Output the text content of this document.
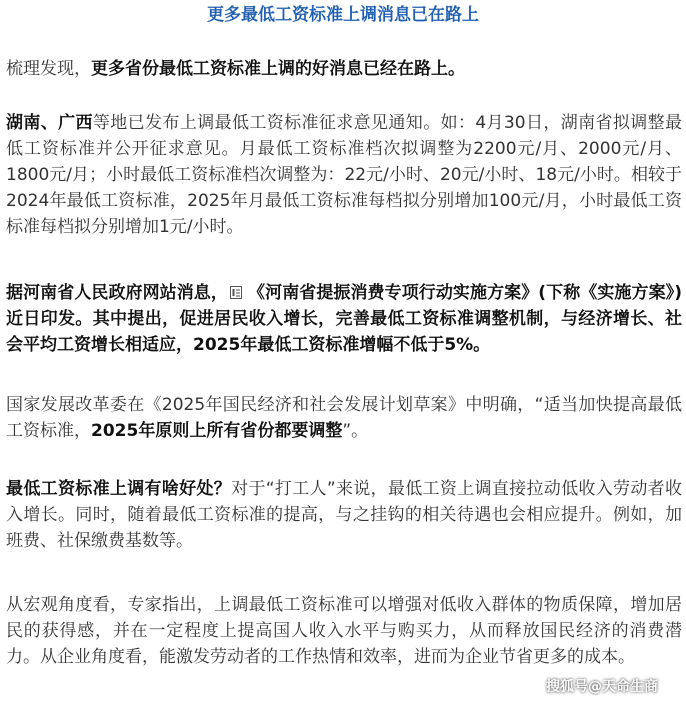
更多最低工资标准上调消息已在路上

梳理发现，更多省份最低工资标准上调的好消息已经在路上。

湖南、广西等地已发布上调最低工资标准征求意见通知。如：4月30日，湖南省拟调整最低工资标准并公开征求意见。月最低工资标准档次拟调整为2200元/月、2000元/月、1800元/月；小时最低工资标准档次调整为：22元/小时、20元/小时、18元/小时。相较于2024年最低工资标准，2025年月最低工资标准每档拟分别增加100元/月，小时最低工资标准每档拟分别增加1元/小时。

据河南省人民政府网站消息， 《河南省提振消费专项行动实施方案》(下称《实施方案》)近日印发。其中提出，促进居民收入增长，完善最低工资标准调整机制，与经济增长、社会平均工资增长相适应，2025年最低工资标准增幅不低于5%。

国家发展改革委在《2025年国民经济和社会发展计划草案》中明确，“适当加快提高最低工资标准，2025年原则上所有省份都要调整”。

最低工资标准上调有啥好处？对于“打工人”来说，最低工资上调直接拉动低收入劳动者收入增长。同时，随着最低工资标准的提高，与之挂钩的相关待遇也会相应提升。例如，加班费、社保缴费基数等。

从宏观角度看，专家指出，上调最低工资标准可以增强对低收入群体的物质保障，增加居民的获得感，并在一定程度上提高国人收入水平与购买力，从而释放国民经济的消费潜力。从企业角度看，能激发劳动者的工作热情和效率，进而为企业节省更多的成本。

搜狐号@天命生商
